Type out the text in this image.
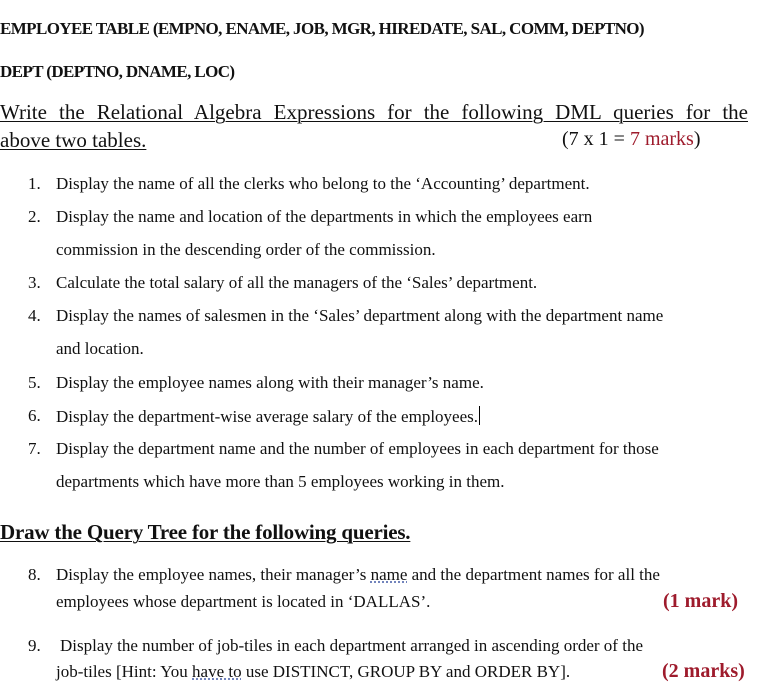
EMPLOYEE TABLE (EMPNO, ENAME, JOB, MGR, HIREDATE, SAL, COMM, DEPTNO)
DEPT (DEPTNO, DNAME, LOC)
Write the Relational Algebra Expressions for the following DML queries for the
above two tables.	(7 x 1 = 7 marks)
1. Display the name of all the clerks who belong to the ‘Accounting’ department.
2. Display the name and location of the departments in which the employees earn
commission in the descending order of the commission.
3. Calculate the total salary of all the managers of the ‘Sales’ department.
4. Display the names of salesmen in the ‘Sales’ department along with the department name
and location.
5. Display the employee names along with their manager’s name.
6. Display the department-wise average salary of the employees.
7. Display the department name and the number of employees in each department for those
departments which have more than 5 employees working in them.
Draw the Query Tree for the following queries.
8. Display the employee names, their manager’s name and the department names for all the
employees whose department is located in ‘DALLAS’.	(1 mark)
9. Display the number of job-tiles in each department arranged in ascending order of the
job-tiles [Hint: You have to use DISTINCT, GROUP BY and ORDER BY].	(2 marks)
